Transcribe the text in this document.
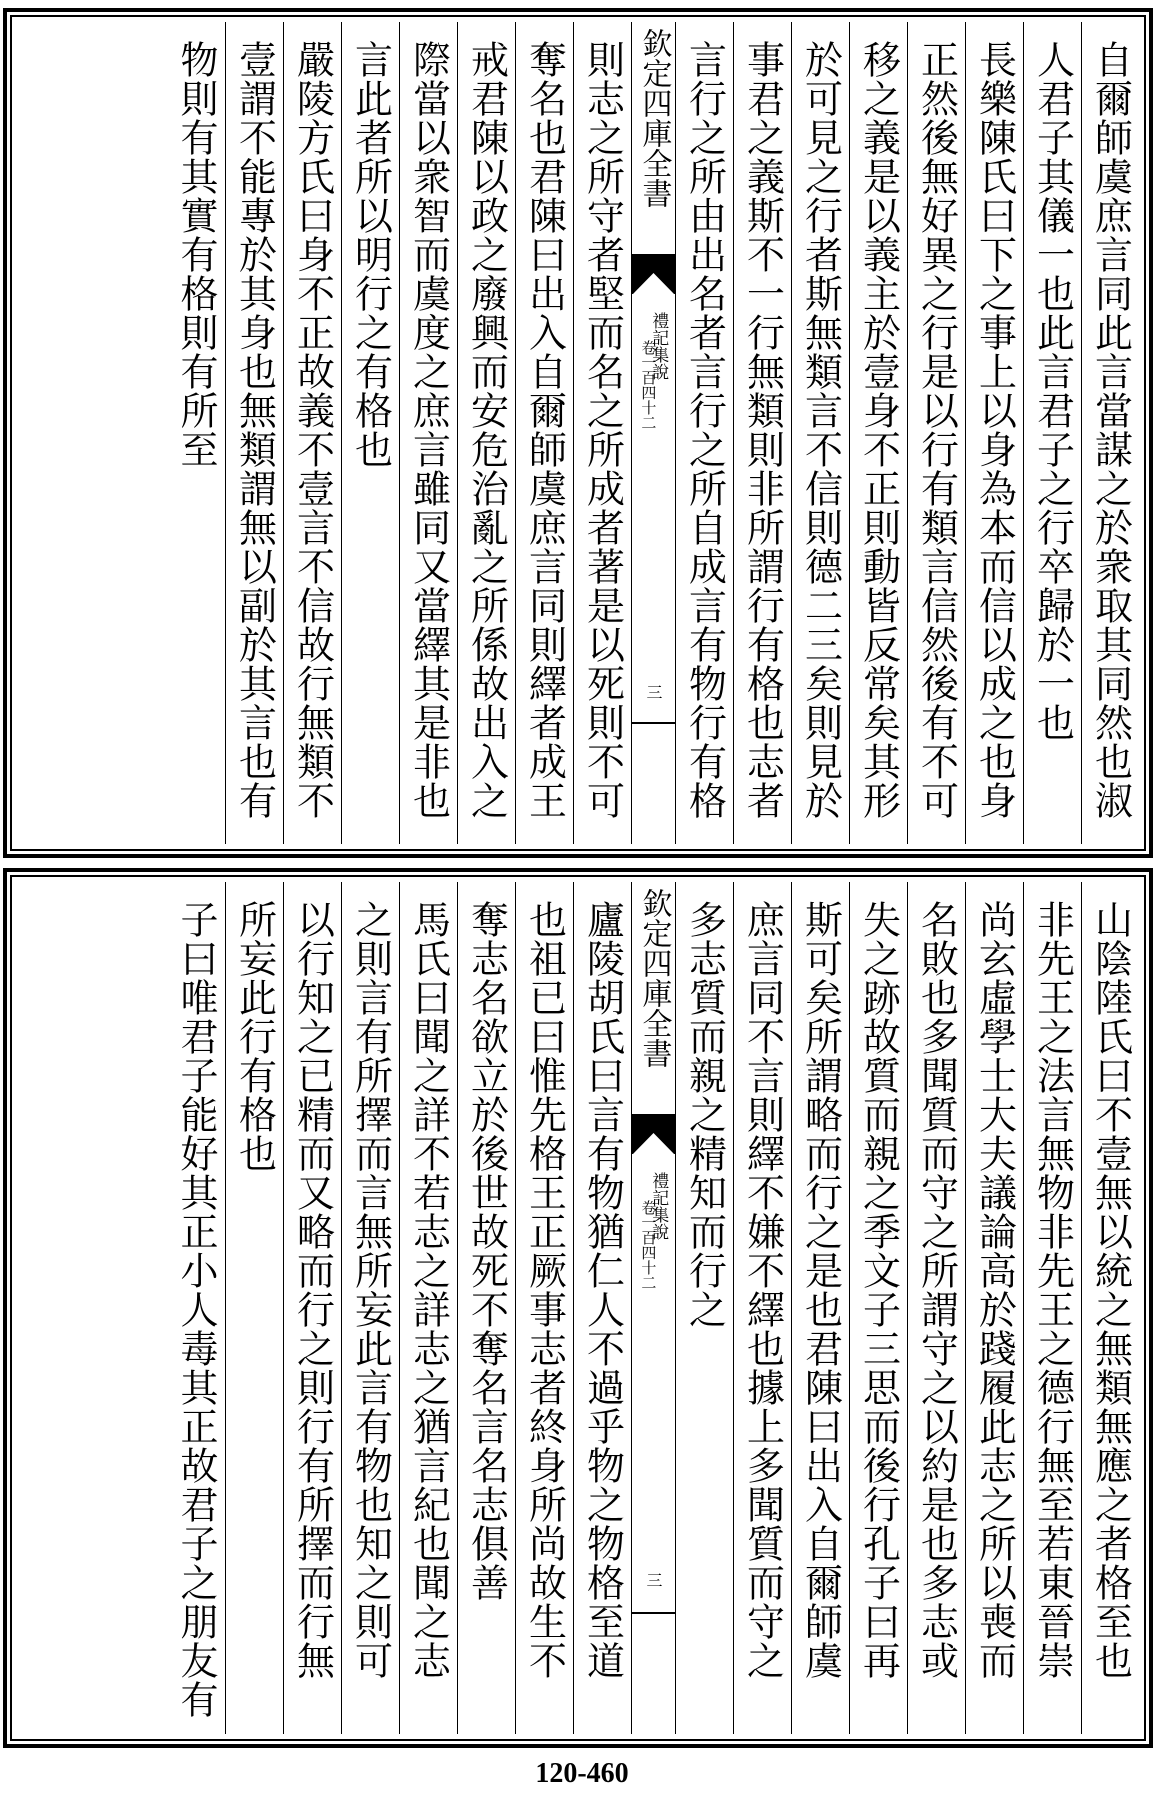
自爾師虞庶言同此言當謀之於衆取其同然也淑
人君子其儀一也此言君子之行卒歸於一也
長樂陳氏曰下之事上以身為本而信以成之也身
正然後無好異之行是以行有類言信然後有不可
移之義是以義主於壹身不正則動皆反常矣其形
於可見之行者斯無類言不信則德二三矣則見於
事君之義斯不一行無類則非所謂行有格也志者
言行之所由出名者言行之所自成言有物行有格
欽定四庫全書
禮記集說
卷一百四十二
三
則志之所守者堅而名之所成者著是以死則不可
奪名也君陳曰出入自爾師虞庶言同則繹者成王
戒君陳以政之廢興而安危治亂之所係故出入之
際當以衆智而虞度之庶言雖同又當繹其是非也
言此者所以明行之有格也
嚴陵方氏曰身不正故義不壹言不信故行無類不
壹謂不能專於其身也無類謂無以副於其言也有
物則有其實有格則有所至
山陰陸氏曰不壹無以統之無類無應之者格至也
非先王之法言無物非先王之德行無至若東晉崇
尚玄虛學士大夫議論高於踐履此志之所以喪而
名敗也多聞質而守之所謂守之以約是也多志或
失之跡故質而親之季文子三思而後行孔子曰再
斯可矣所謂略而行之是也君陳曰出入自爾師虞
庶言同不言則繹不嫌不繹也據上多聞質而守之
多志質而親之精知而行之
欽定四庫全書
禮記集說
卷一百四十二
三
廬陵胡氏曰言有物猶仁人不過乎物之物格至道
也祖已曰惟先格王正厥事志者終身所尚故生不
奪志名欲立於後世故死不奪名言名志俱善
馬氏曰聞之詳不若志之詳志之猶言紀也聞之志
之則言有所擇而言無所妄此言有物也知之則可
以行知之已精而又略而行之則行有所擇而行無
所妄此行有格也
子曰唯君子能好其正小人毒其正故君子之朋友有
120-460
